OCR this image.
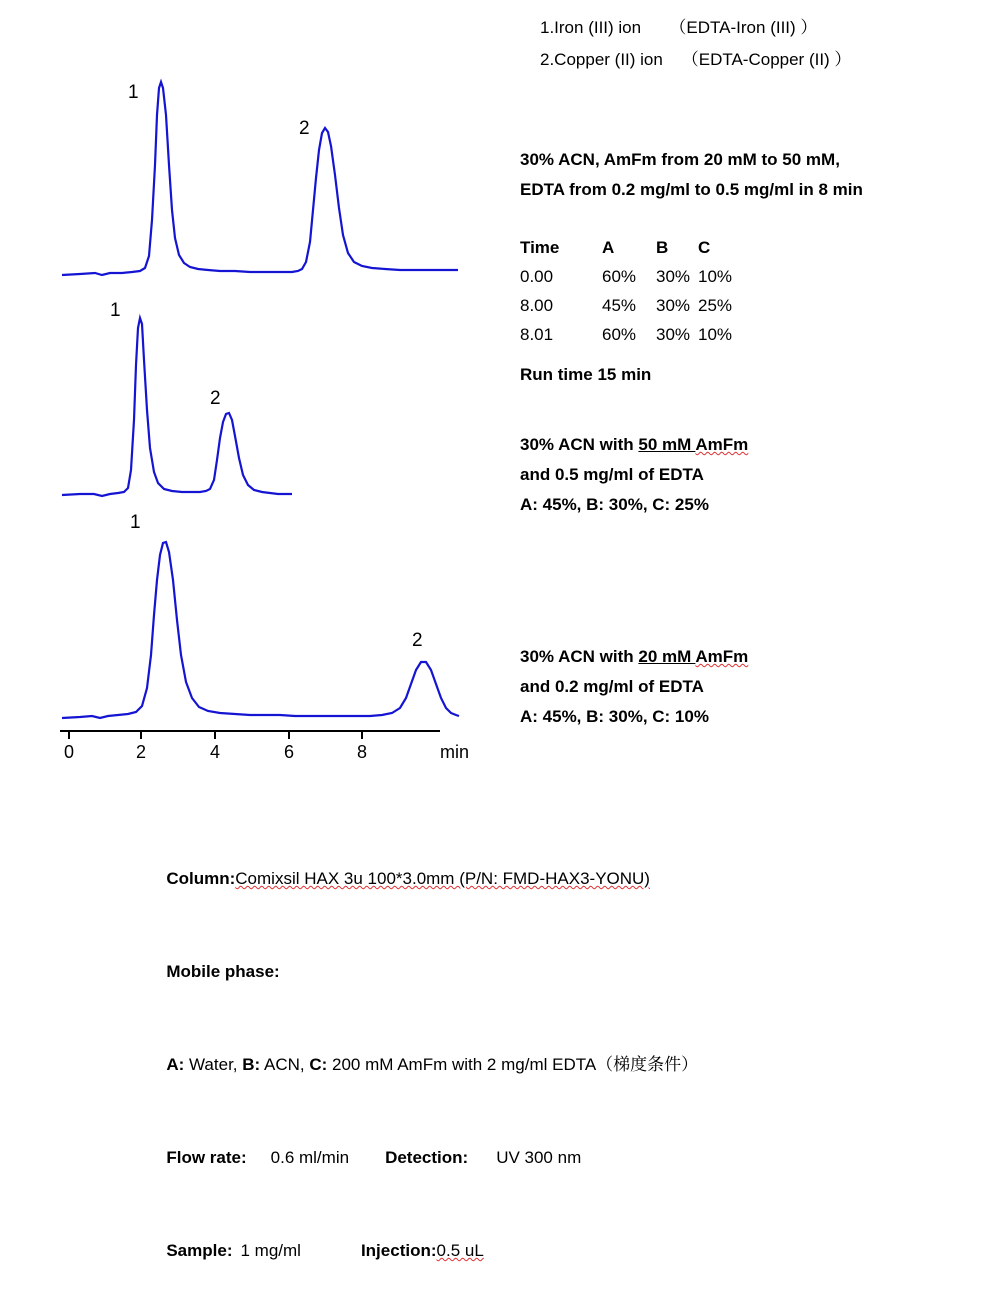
1
2
1
2
1
2
0	2	4	6	8	min
1.Iron (III) ion      （EDTA-Iron (III) ）
2.Copper (II) ion    （EDTA-Copper (II) ）
30% ACN, AmFm from 20 mM to 50 mM,
EDTA from 0.2 mg/ml to 0.5 mg/ml in 8 min
Time	A	B	C
0.00	60%	30%	10%
8.00	45%	30%	25%
8.01	60%	30%	10%
Run time 15 min
30% ACN with 50 mM AmFm
and 0.5 mg/ml of EDTA
A: 45%, B: 30%, C: 25%
30% ACN with 20 mM AmFm
and 0.2 mg/ml of EDTA
A: 45%, B: 30%, C: 10%

Column:Comixsil HAX 3u 100*3.0mm (P/N: FMD-HAX3-YONU)

Mobile phase:

A: Water, B: ACN, C: 200 mM AmFm with 2 mg/ml EDTA（梯度条件）

Flow rate: 0.6 ml/min Detection: UV 300 nm

Sample: 1 mg/ml	Injection:0.5 uL
